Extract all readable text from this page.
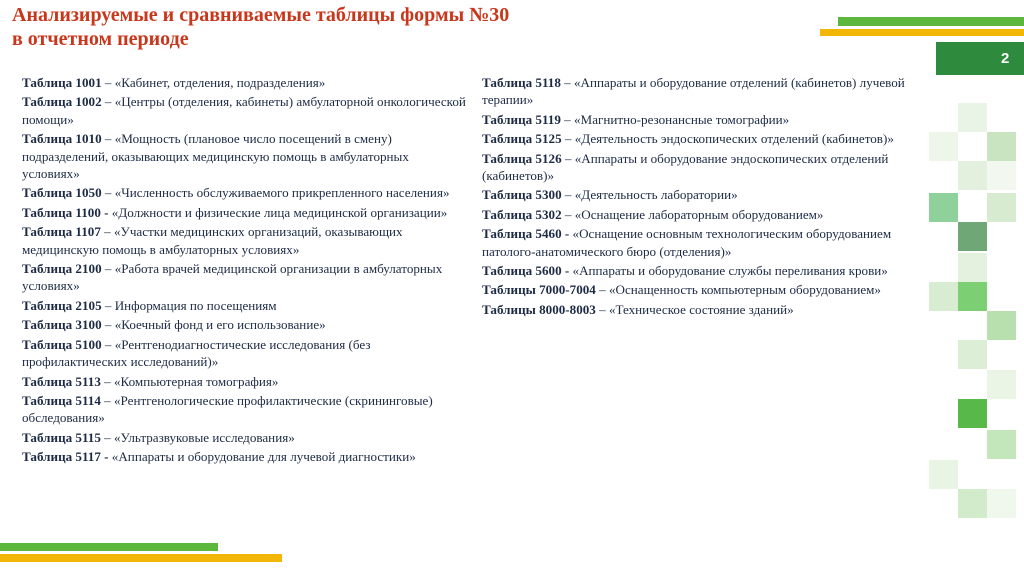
2
Анализируемые и сравниваемые таблицы формы №30
в отчетном периоде
Таблица 1001 – «Кабинет, отделения, подразделения»
Таблица 1002 – «Центры (отделения, кабинеты) амбулаторной онкологической помощи»
Таблица 1010 – «Мощность (плановое число посещений в смену) подразделений, оказывающих медицинскую помощь в амбулаторных условиях»
Таблица 1050 – «Численность обслуживаемого прикрепленного населения»
Таблица 1100 - «Должности и физические лица медицинской организации»
Таблица 1107 – «Участки медицинских организаций, оказывающих медицинскую помощь в амбулаторных условиях»
Таблица 2100 – «Работа врачей медицинской организации в амбулаторных условиях»
Таблица 2105 – Информация по посещениям
Таблица 3100 – «Коечный фонд и его использование»
Таблица 5100 – «Рентгенодиагностические исследования (без профилактических исследований)»
Таблица 5113 – «Компьютерная томография»
Таблица 5114 – «Рентгенологические профилактические (скрининговые) обследования»
Таблица 5115 – «Ультразвуковые исследования»
Таблица 5117 - «Аппараты и оборудование для лучевой диагностики»
Таблица 5118 – «Аппараты и оборудование отделений (кабинетов) лучевой терапии»
Таблица 5119 – «Магнитно-резонансные томографии»
Таблица 5125 – «Деятельность эндоскопических отделений (кабинетов)»
Таблица 5126 – «Аппараты и оборудование эндоскопических отделений (кабинетов)»
Таблица 5300 – «Деятельность лаборатории»
Таблица 5302 – «Оснащение лабораторным оборудованием»
Таблица 5460 - «Оснащение основным технологическим оборудованием патолого-анатомического бюро (отделения)»
Таблица 5600 - «Аппараты и оборудование службы переливания крови»
Таблицы 7000-7004 – «Оснащенность компьютерным оборудованием»
Таблицы 8000-8003 – «Техническое состояние зданий»
